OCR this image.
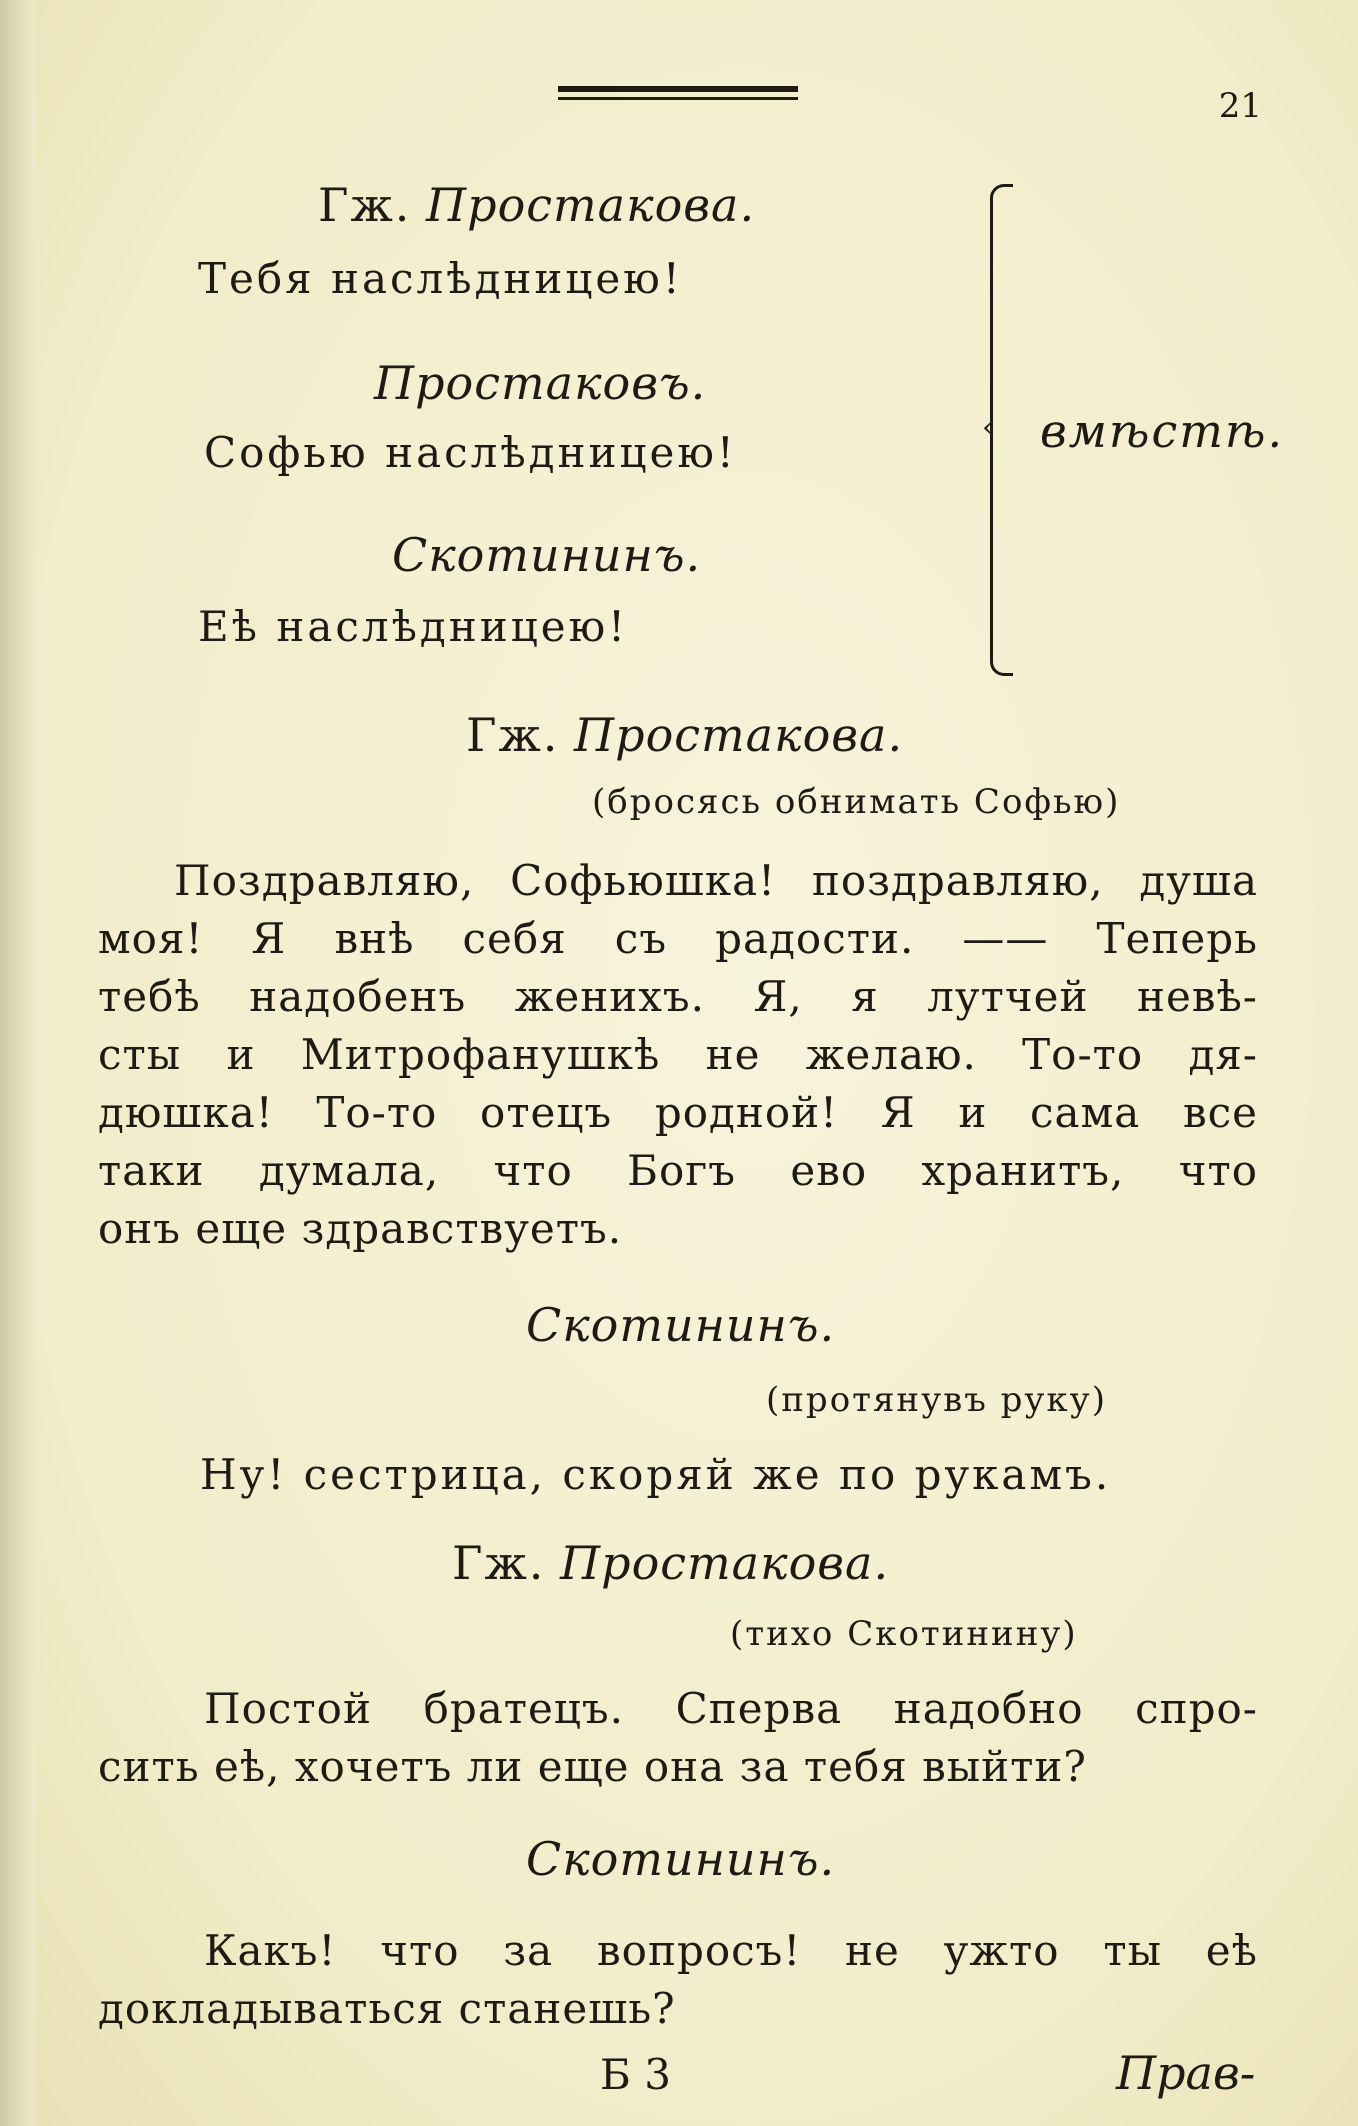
21
Гж. Простакова.
Тебя наслѣдницею!
Простаковъ.
Софью наслѣдницею!
Скотининъ.
Еѣ наслѣдницею!
‹ вмѣстѣ.
Гж. Простакова.
(бросясь обнимать Софью)
Поздравляю, Софьюшка! поздравляю, душа
моя! Я внѣ себя съ радости. —— Теперь
тебѣ надобенъ женихъ. Я, я лутчей невѣ-
сты и Митрофанушкѣ не желаю. То-то дя-
дюшка! То-то отецъ родной! Я и сама все
таки думала, что Богъ ево хранитъ, что
онъ еще здравствуетъ.
Скотининъ.
(протянувъ руку)
Ну! сестрица, скоряй же по рукамъ.
Гж. Простакова.
(тихо Скотинину)
Постой братецъ. Сперва надобно спро-
сить еѣ, хочетъ ли еще она за тебя выйти?
Скотининъ.
Какъ! что за вопросъ! не ужто ты еѣ
докладываться станешь?
Б 3	Прав-
